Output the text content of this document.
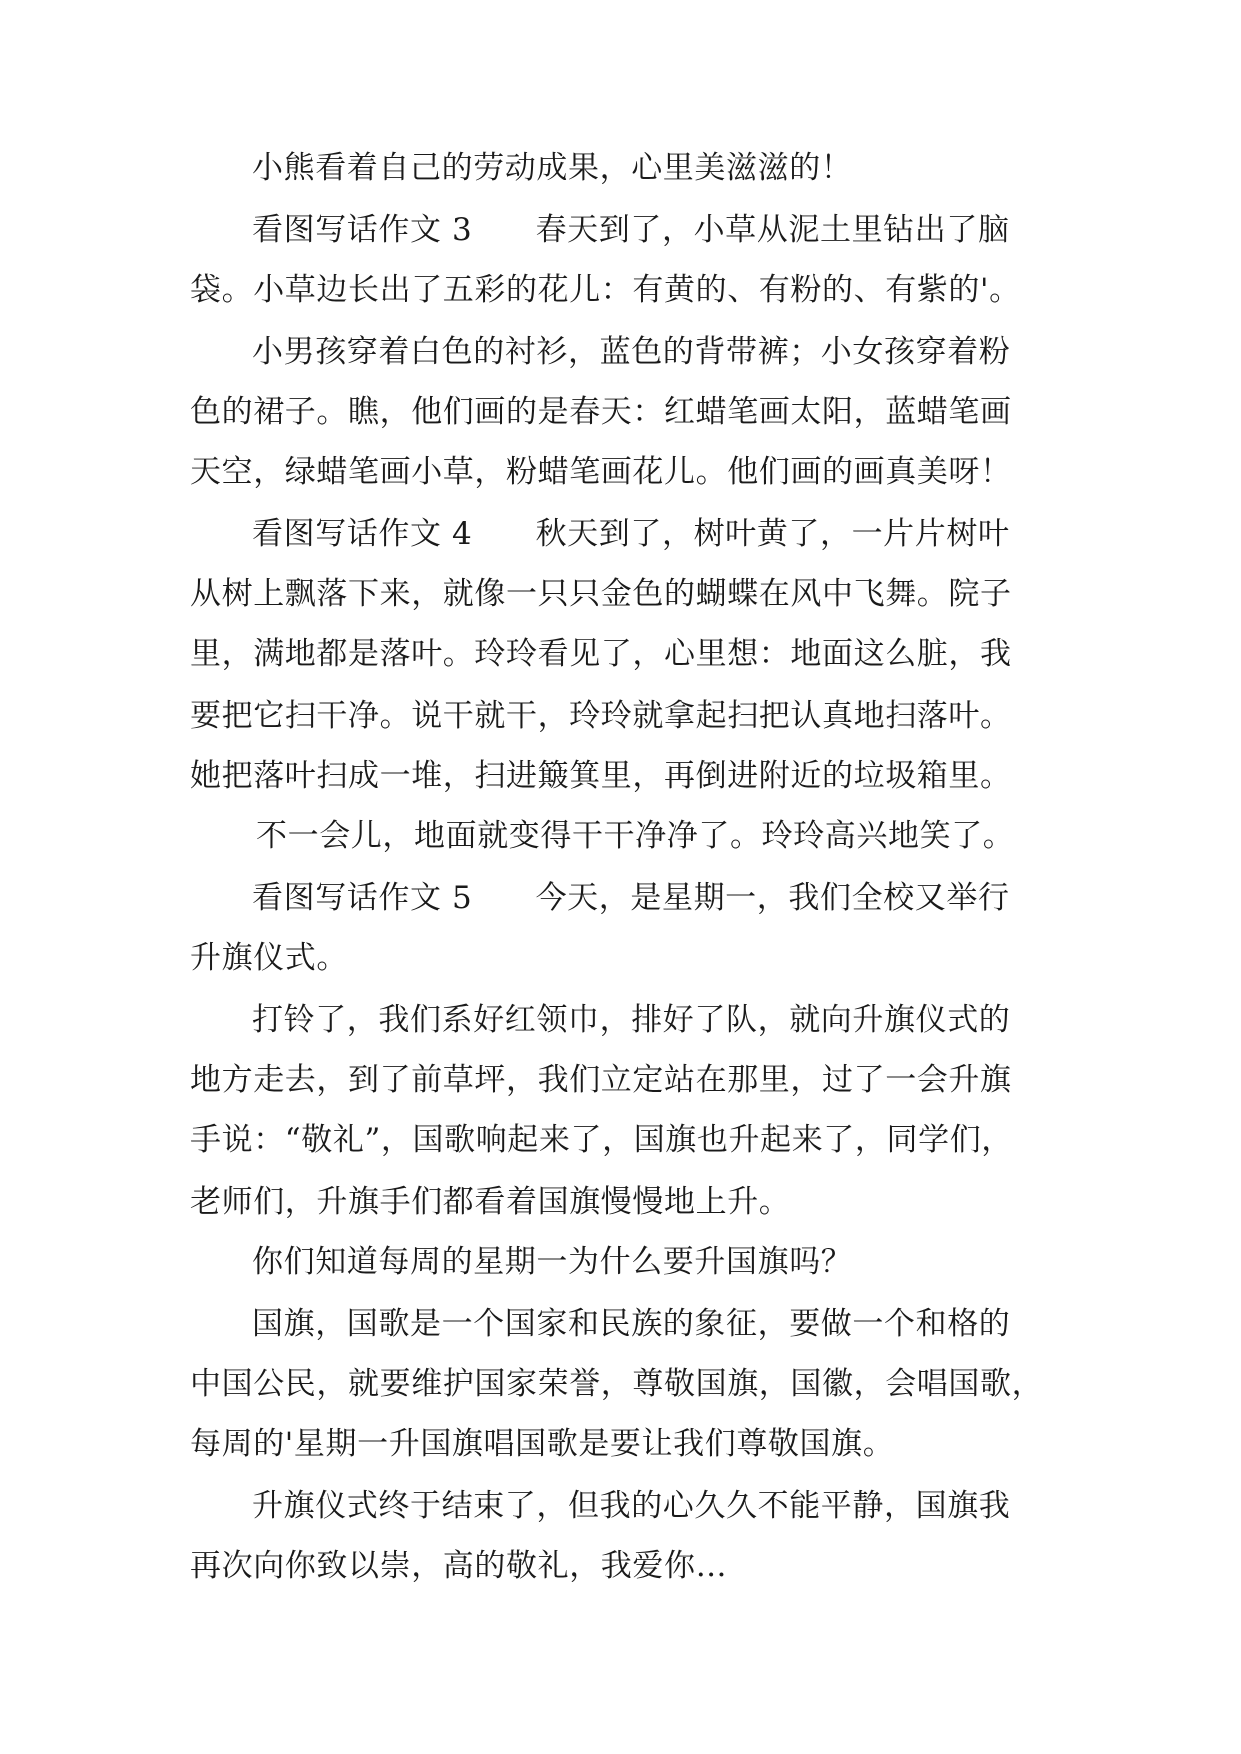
小熊看着自己的劳动成果，心里美滋滋的！
看图写话作文 3　　春天到了，小草从泥土里钻出了脑
袋。小草边长出了五彩的花儿：有黄的、有粉的、有紫的'。
小男孩穿着白色的衬衫，蓝色的背带裤；小女孩穿着粉
色的裙子。瞧，他们画的是春天：红蜡笔画太阳，蓝蜡笔画
天空，绿蜡笔画小草，粉蜡笔画花儿。他们画的画真美呀！
看图写话作文 4　　秋天到了，树叶黄了，一片片树叶
从树上飘落下来，就像一只只金色的蝴蝶在风中飞舞。院子
里，满地都是落叶。玲玲看见了，心里想：地面这么脏，我
要把它扫干净。说干就干，玲玲就拿起扫把认真地扫落叶。
她把落叶扫成一堆，扫进簸箕里，再倒进附近的垃圾箱里。
不一会儿，地面就变得干干净净了。玲玲高兴地笑了。
看图写话作文 5　　今天，是星期一，我们全校又举行
升旗仪式。
打铃了，我们系好红领巾，排好了队，就向升旗仪式的
地方走去，到了前草坪，我们立定站在那里，过了一会升旗
手说：“敬礼”，国歌响起来了，国旗也升起来了，同学们，
老师们，升旗手们都看着国旗慢慢地上升。
你们知道每周的星期一为什么要升国旗吗？
国旗，国歌是一个国家和民族的象征，要做一个和格的
中国公民，就要维护国家荣誉，尊敬国旗，国徽，会唱国歌，
每周的'星期一升国旗唱国歌是要让我们尊敬国旗。
升旗仪式终于结束了，但我的心久久不能平静，国旗我
再次向你致以崇，高的敬礼，我爱你…
